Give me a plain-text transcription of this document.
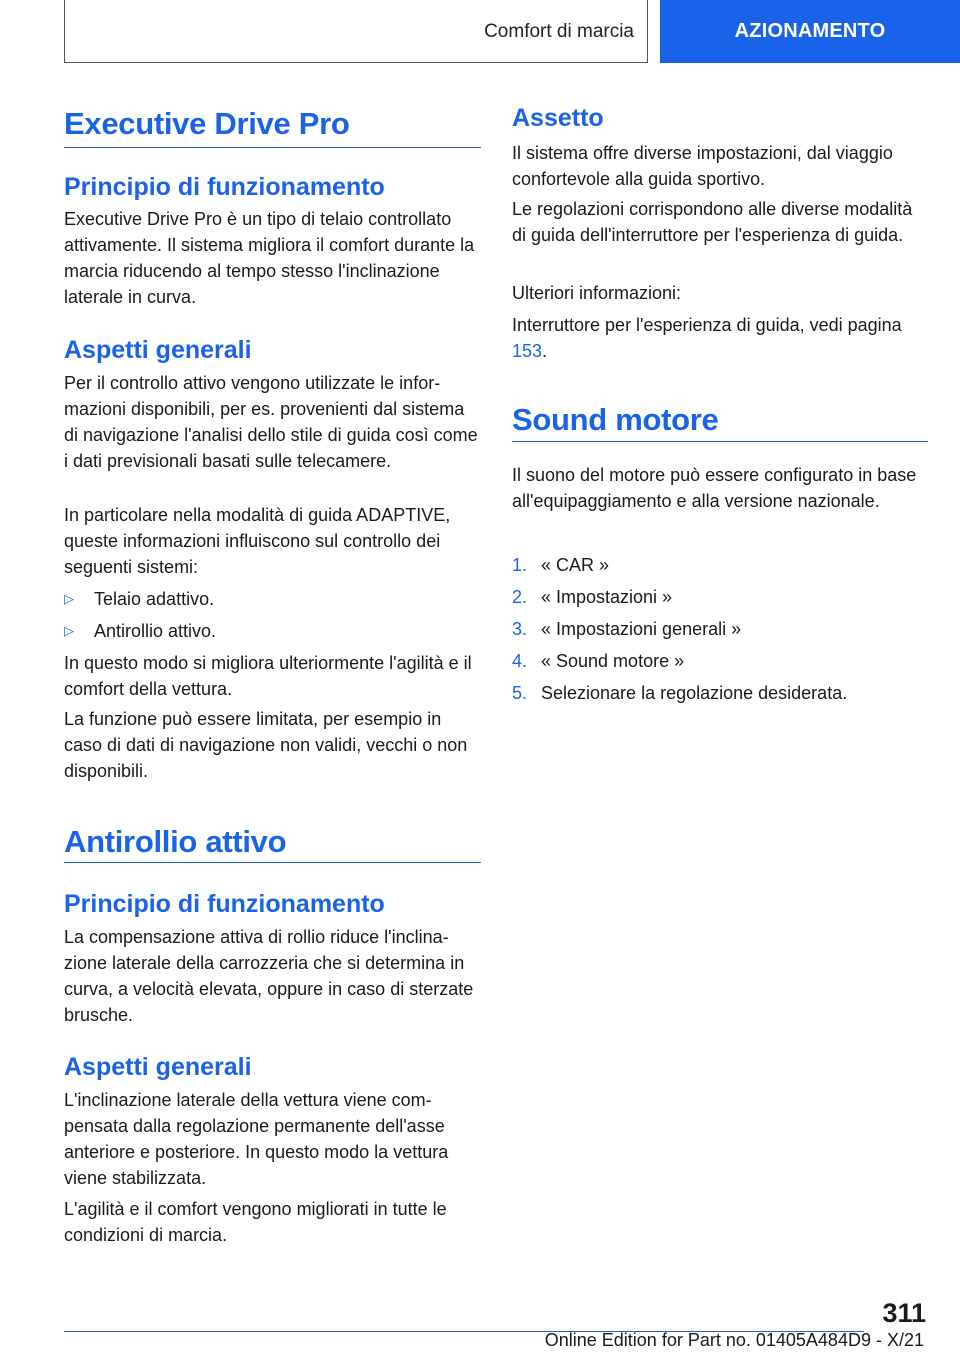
Comfort di marcia	AZIONAMENTO
Executive Drive Pro
Principio di funzionamento

Executive Drive Pro è un tipo di telaio controllato attivamente. Il sistema migliora il comfort durante la marcia riducendo al tempo stesso l'inclinazione laterale in curva.

Aspetti generali

Per il controllo attivo vengono utilizzate le informazioni disponibili, per es. provenienti dal sistema di navigazione l'analisi dello stile di guida così come i dati previsionali basati sulle telecamere.

In particolare nella modalità di guida ADAPTIVE, queste informazioni influiscono sul controllo dei seguenti sistemi:

▷	Telaio adattivo.
▷	Antirollio attivo.

In questo modo si migliora ulteriormente l'agilità e il comfort della vettura.

La funzione può essere limitata, per esempio in caso di dati di navigazione non validi, vecchi o non disponibili.

Antirollio attivo
Principio di funzionamento

La compensazione attiva di rollio riduce l'inclinazione laterale della carrozzeria che si determina in curva, a velocità elevata, oppure in caso di sterzate brusche.

Aspetti generali

L'inclinazione laterale della vettura viene compensata dalla regolazione permanente dell'asse anteriore e posteriore. In questo modo la vettura viene stabilizzata.

L'agilità e il comfort vengono migliorati in tutte le condizioni di marcia.

Assetto

Il sistema offre diverse impostazioni, dal viaggio confortevole alla guida sportivo.

Le regolazioni corrispondono alle diverse modalità di guida dell'interruttore per l'esperienza di guida.

Ulteriori informazioni:

Interruttore per l'esperienza di guida, vedi pagina 153.

Sound motore

Il suono del motore può essere configurato in base all'equipaggiamento e alla versione nazionale.

1. « CAR »
2. « Impostazioni »
3. « Impostazioni generali »
4. « Sound motore »
5. Selezionare la regolazione desiderata.
311
Online Edition for Part no. 01405A484D9 - X/21
